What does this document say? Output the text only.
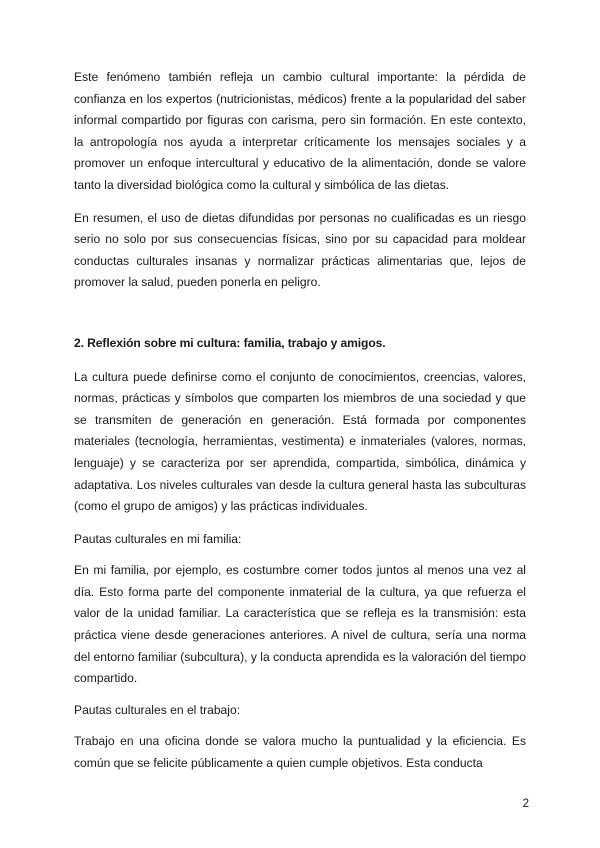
Este fenómeno también refleja un cambio cultural importante: la pérdida de confianza en los expertos (nutricionistas, médicos) frente a la popularidad del saber informal compartido por figuras con carisma, pero sin formación. En este contexto, la antropología nos ayuda a interpretar críticamente los mensajes sociales y a promover un enfoque intercultural y educativo de la alimentación, donde se valore tanto la diversidad biológica como la cultural y simbólica de las dietas.

En resumen, el uso de dietas difundidas por personas no cualificadas es un riesgo serio no solo por sus consecuencias físicas, sino por su capacidad para moldear conductas culturales insanas y normalizar prácticas alimentarias que, lejos de promover la salud, pueden ponerla en peligro.

2. Reflexión sobre mi cultura: familia, trabajo y amigos.

La cultura puede definirse como el conjunto de conocimientos, creencias, valores, normas, prácticas y símbolos que comparten los miembros de una sociedad y que se transmiten de generación en generación. Está formada por componentes materiales (tecnología, herramientas, vestimenta) e inmateriales (valores, normas, lenguaje) y se caracteriza por ser aprendida, compartida, simbólica, dinámica y adaptativa. Los niveles culturales van desde la cultura general hasta las subculturas (como el grupo de amigos) y las prácticas individuales.

Pautas culturales en mi familia:

En mi familia, por ejemplo, es costumbre comer todos juntos al menos una vez al día. Esto forma parte del componente inmaterial de la cultura, ya que refuerza el valor de la unidad familiar. La característica que se refleja es la transmisión: esta práctica viene desde generaciones anteriores. A nivel de cultura, sería una norma del entorno familiar (subcultura), y la conducta aprendida es la valoración del tiempo compartido.

Pautas culturales en el trabajo:

Trabajo en una oficina donde se valora mucho la puntualidad y la eficiencia. Es común que se felicite públicamente a quien cumple objetivos. Esta conducta

2
